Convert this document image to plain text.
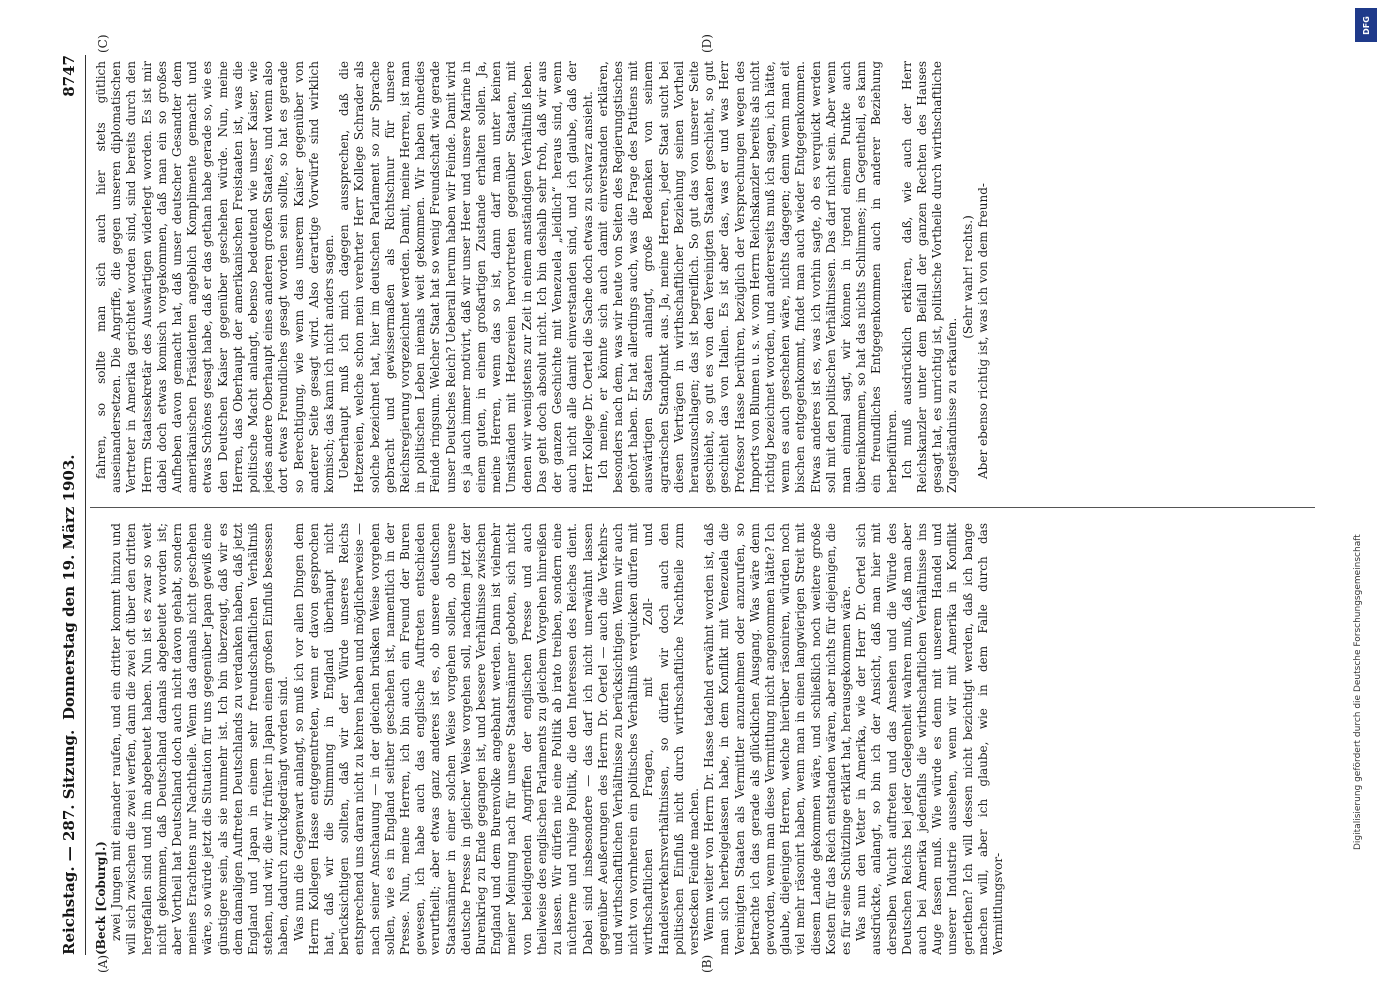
Reichstag. — 287. Sitzung.
Donnerstag den 19. März 1903.
8747

(Beck [Coburg].) zwei Jungen mit einander raufen, und ein dritter kommt hinzu und will sich zwischen die zwei werfen, dann die zwei oft über den dritten hergefallen sind und ihn abgebeutet haben. Nun ist es zwar so weit nicht gekommen, daß Deutschland damals abgebeutet worden ist; aber Vortheil hat Deutschland doch auch nicht davon gehabt, sondern meines Erachtens nur Nachtheile. Wenn das damals nicht geschehen wäre, so würde jetzt die Situation für uns gegenüber Japan gewiß eine günstigere sein, als sie nunmehr ist. Ich bin überzeugt, daß wir es dem damaligen Auftreten Deutschlands zu verdanken haben, daß jetzt England und Japan in einem sehr freundschaftlichen Verhältniß stehen, und wir, die wir früher in Japan einen großen Einfluß besessen haben, dadurch zurückgedrängt worden sind. Was nun die Gegenwart anlangt, so muß ich vor allen Dingen dem Herrn Kollegen Hasse entgegentreten, wenn er davon gesprochen hat, daß wir die Stimmung in England überhaupt nicht berücksichtigen sollten, daß wir der Würde unseres Reichs entsprechend uns daran nicht zu kehren haben und möglicherweise — nach seiner Anschauung — in der gleichen brüsken Weise vorgehen sollen, wie es in England seither geschehen ist, namentlich in der Presse. Nun, meine Herren, ich bin auch ein Freund der Buren gewesen, ich habe auch das englische Auftreten entschieden verurtheilt; aber etwas ganz anderes ist es, ob unsere deutschen Staatsmänner in einer solchen Weise vorgehen sollen, ob unsere deutsche Presse in gleicher Weise vorgehen soll, nachdem jetzt der Burenkrieg zu Ende gegangen ist, und bessere Verhältnisse zwischen England und dem Burenvolke angebahnt werden. Dann ist vielmehr meiner Meinung nach für unsere Staatsmänner geboten, sich nicht von beleidigenden Angriffen der englischen Presse und auch theilweise des englischen Parlaments zu gleichem Vorgehen hinreißen zu lassen. Wir dürfen nie eine Politik ab irato treiben, sondern eine nüchterne und ruhige Politik, die den Interessen des Reiches dient. Dabei sind insbesondere — das darf ich nicht unerwähnt lassen gegenüber Aeußerungen des Herrn Dr. Oertel — auch die Verkehrs- und wirthschaftlichen Verhältnisse zu berücksichtigen. Wenn wir auch nicht von vornherein ein politisches Verhältniß verquicken dürfen mit wirthschaftlichen Fragen, mit Zoll- und Handelsverkehrsverhältnissen, so dürfen wir doch auch den politischen Einfluß nicht durch wirthschaftliche Nachtheile zum verstecken Feinde machen. Wenn weiter von Herrn Dr. Hasse tadelnd erwähnt worden ist, daß man sich herbeigelassen habe, in dem Konflikt mit Venezuela die Vereinigten Staaten als Vermittler anzunehmen oder anzurufen, so betrachte ich das gerade als glücklichen Ausgang. Was wäre denn geworden, wenn man diese Vermittlung nicht angenommen hätte? Ich glaube, diejenigen Herren, welche hierüber räsoniren, würden noch viel mehr räsonirt haben, wenn man in einen langwierigen Streit mit diesem Lande gekommen wäre, und schließlich noch weitere große Kosten für das Reich entstanden wären, aber nichts für diejenigen, die es für seine Schützlinge erklärt hat, herausgekommen wäre. Was nun den Vetter in Amerika, wie der Herr Dr. Oertel sich ausdrückte, anlangt, so bin ich der Ansicht, daß man hier mit derselben Wucht auftreten und das Ansehen und die Würde des Deutschen Reichs bei jeder Gelegenheit wahren muß, daß man aber auch bei Amerika jedenfalls die wirthschaftlichen Verhältnisse ins Auge fassen muß. Wie würde es denn mit unserem Handel und unserer Industrie aussehen, wenn wir mit Amerika in Konflikt geriethen? Ich will dessen nicht bezichtigt werden, daß ich bange machen will, aber ich glaube, wie in dem Falle durch das Vermittlungsvor-

fahren, so sollte man sich auch hier stets gütlich auseinandersetzen. Die Angriffe, die gegen unseren diplomatischen Vertreter in Amerika gerichtet worden sind, sind bereits durch den Herrn Staatssekretär des Auswärtigen widerlegt worden. Es ist mir dabei doch etwas komisch vorgekommen, daß man ein so großes Aufheben davon gemacht hat, daß unser deutscher Gesandter dem amerikanischen Präsidenten angeblich Komplimente gemacht und etwas Schönes gesagt habe, daß er das gethan habe gerade so, wie es den Deutschen Kaiser gegenüber geschehen würde. Nun, meine Herren, das Oberhaupt der amerikanischen Freistaaten ist, was die politische Macht anlangt, ebenso bedeutend wie unser Kaiser, wie jedes andere Oberhaupt eines anderen großen Staates, und wenn also dort etwas Freundliches gesagt worden sein sollte, so hat es gerade so Berechtigung, wie wenn das unserem Kaiser gegenüber von anderer Seite gesagt wird. Also derartige Vorwürfe sind wirklich komisch; das kann ich nicht anders sagen. Ueberhaupt muß ich mich dagegen aussprechen, daß die Hetzereien, welche schon mein verehrter Herr Kollege Schrader als solche bezeichnet hat, hier im deutschen Parlament so zur Sprache gebracht und gewissermaßen als Richtschnur für unsere Reichsregierung vorgezeichnet werden. Damit, meine Herren, ist man in politischen Leben niemals weit gekommen. Wir haben ohnedies Feinde ringsum. Welcher Staat hat so wenig Freundschaft wie gerade unser Deutsches Reich? Ueberall herum haben wir Feinde. Damit wird es ja auch immer motivirt, daß wir unser Heer und unsere Marine in einem guten, in einem großartigen Zustande erhalten sollen. Ja, meine Herren, wenn das so ist, dann darf man unter keinen Umständen mit Hetzereien hervortreten gegenüber Staaten, mit denen wir wenigstens zur Zeit in einem anständigen Verhältniß leben. Das geht doch absolut nicht. Ich bin deshalb sehr froh, daß wir aus der ganzen Geschichte mit Venezuela „leidlich“ heraus sind, wenn auch nicht alle damit einverstanden sind, und ich glaube, daß der Herr Kollege Dr. Oertel die Sache doch etwas zu schwarz ansieht. Ich meine, er könnte sich auch damit einverstanden erklären, besonders nach dem, was wir heute von Seiten des Regierungstisches gehört haben. Er hat allerdings auch, was die Frage des Pattiens mit auswärtigen Staaten anlangt, große Bedenken von seinem agrarischen Standpunkt aus. Ja, meine Herren, jeder Staat sucht bei diesen Verträgen in wirthschaftlicher Beziehung seinen Vortheil herauszuschlagen; das ist begreiflich. So gut das von unserer Seite geschieht, so gut es von den Vereinigten Staaten geschieht, so gut geschieht das von Italien. Es ist aber das, was er und was Herr Professor Hasse berühren, bezüglich der Versprechungen wegen des Imports von Blumen u. s. w. vom Herrn Reichskanzler bereits als nicht richtig bezeichnet worden, und andererseits muß ich sagen, ich hätte, wenn es auch geschehen wäre, nichts dagegen; denn wenn man eit bischen entgegenkommt, findet man auch wieder Entgegenkommen. Etwas anderes ist es, was ich vorhin sagte, ob es verquickt werden soll mit den politischen Verhältnissen. Das darf nicht sein. Aber wenn man einmal sagt, wir können in irgend einem Punkte auch übereinkommen, so hat das nichts Schlimmes; im Gegentheil, es kann ein freundliches Entgegenkommen auch in anderer Beziehung herbeiführen. Ich muß ausdrücklich erklären, daß, wie auch der Herr Reichskanzler unter dem Beifall der ganzen Rechten des Hauses gesagt hat, es unrichtig ist, politische Vortheile durch wirthschaftliche Zugeständnisse zu erkaufen.

(Sehr wahr! rechts.) Aber ebenso richtig ist, was ich von dem freund-

(A)	(B)
(C)	(D)
DFG
Digitalisierung gefördert durch die Deutsche Forschungsgemeinschaft
